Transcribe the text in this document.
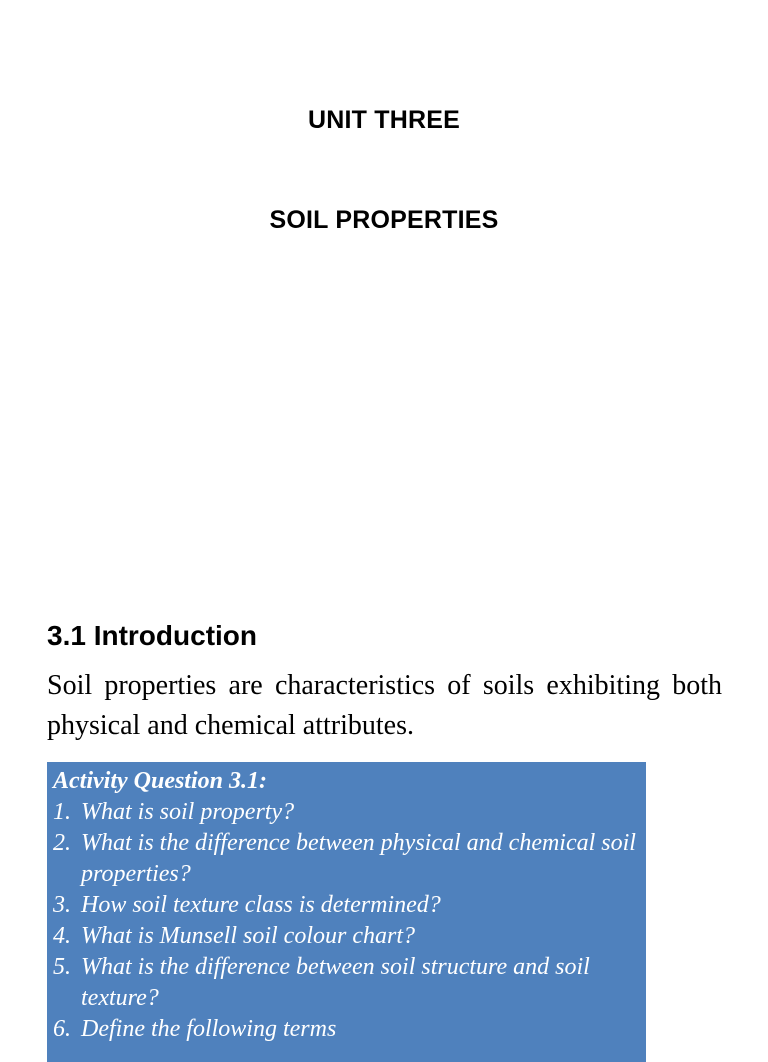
UNIT THREE
SOIL PROPERTIES
3.1 Introduction
Soil properties are characteristics of soils exhibiting both physical and chemical attributes.
Activity Question 3.1:
1. What is soil property?
2. What is the difference between physical and chemical soil properties?
3. How soil texture class is determined?
4. What is Munsell soil colour chart?
5. What is the difference between soil structure and soil texture?
6. Define the following terms
